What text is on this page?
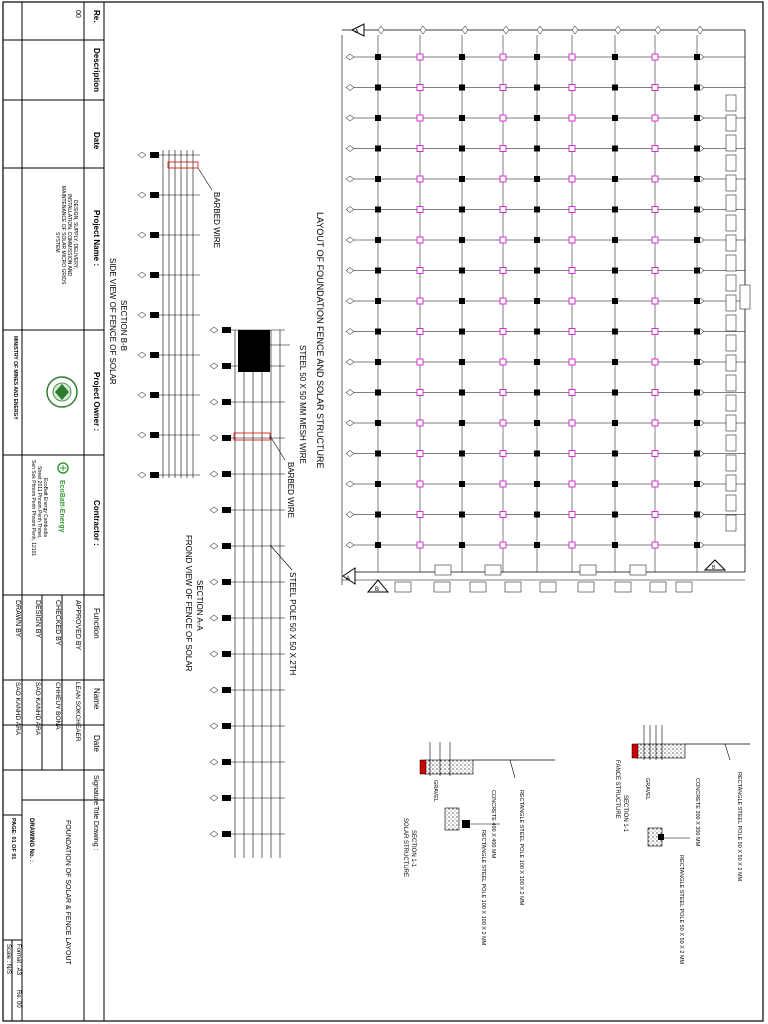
Re.
00
Description
Date
Project Name :
DESIGN, SUPPLY, DELIVERY,
INSTALLATION, COMMISSION AND
MAINTENANCE OF SOLAR MICRO GRIDS
SYSTEM
Project Owner :
MINISTRY OF MINES AND ENERGY
Contractor :
EcoBatt-Energy
EcoBatt Energy Cambodia
Street 2011 Phnom Penh Thmei,
Sen Sok Phnom Penh Phnom Penh, 12101
Function
Name
Date
Signature
APPROVED BY
LEAN SOKCHEAER
CHECKED BY
CHHEUY BONA
DESIGN BY
SAO KANHD ARA
DRAWN BY
SAO KANHD ARA
Title Drawing :
FOUNDATION OF SOLAR & FENCE LAYOUT
DRAWING No. :
PAGE: 01 OF 01
Format : A3
Re. 00
Scale : N/S
A
A
B
B
LAYOUT OF FOUNDATION FENCE AND SOLAR STRUCTURE
STEEL 50 X 50 MM MESH WIRE
BARBED WIRE
STEEL POLE 50 X 50 X 2TH
SECTION A-A
FROND VIEW OF FENCE OF SOLAR
BARBED WIRE
SECTION B-B
SIDE VIEW OF FENCE OF SOLAR
RECTANGLE STEEL POLE 50 X 50 X 2 MM
CONCRETE 300 X 300 MM
GRAVEL
RECTANGLE STEEL POLE 50 X 50 X 2 MM
SECTION 1-1
FANCE STRUCTURE
RECTANGLE STEEL POLE 100 X 100 X 2 MM
CONCRETE 400 X 400 MM
GRAVEL
RECTANGLE STEEL POLE 100 X 100 X 2 MM
SECTION 1-1
SOLAR STRUCTURE
